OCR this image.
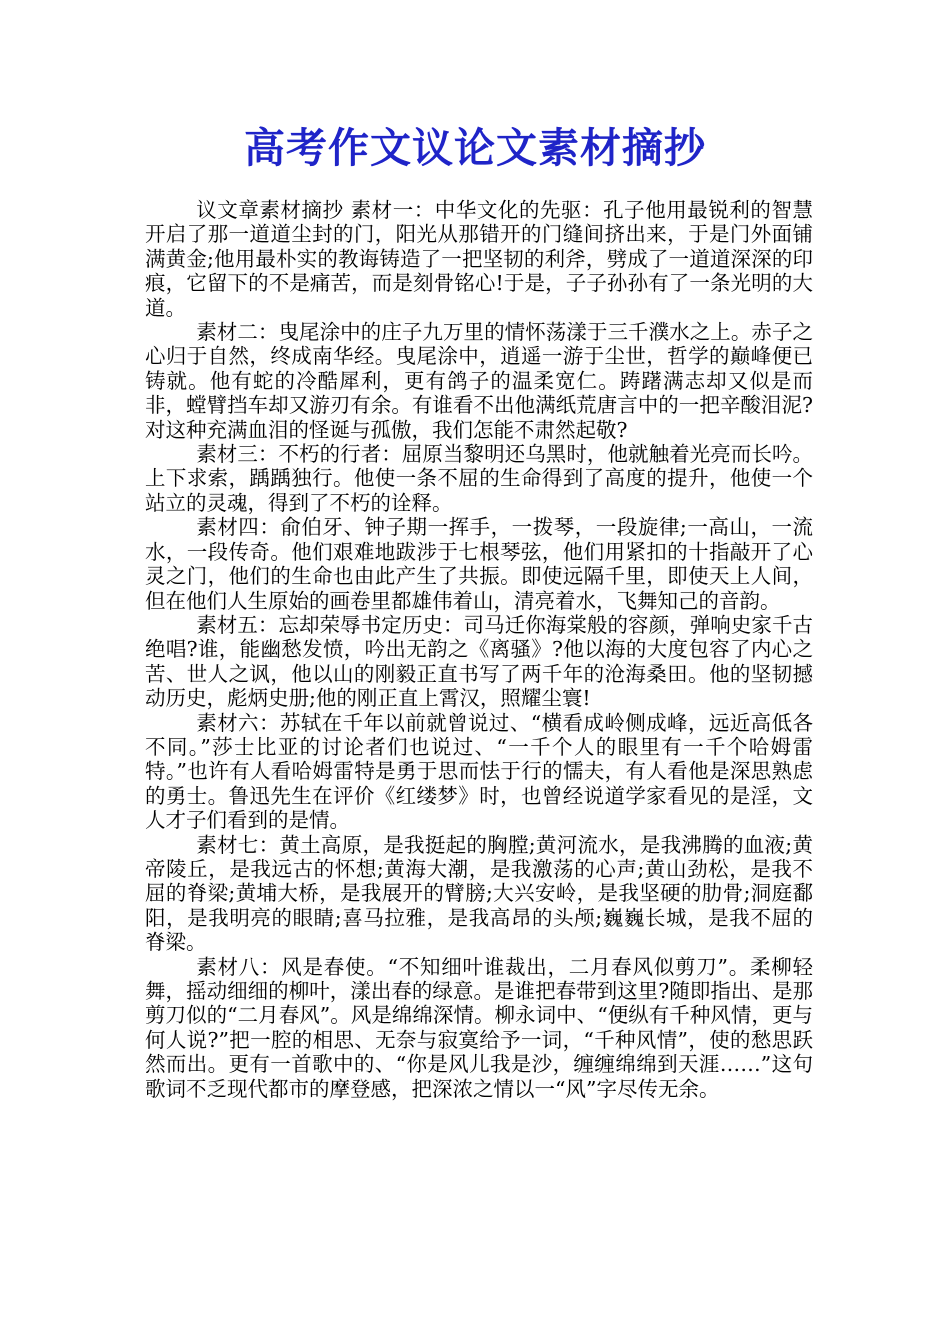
高考作文议论文素材摘抄

议文章素材摘抄 素材一：中华文化的先驱：孔子他用最锐利的智慧开启了那一道道尘封的门，阳光从那错开的门缝间挤出来，于是门外面铺满黄金;他用最朴实的教诲铸造了一把坚韧的利斧，劈成了一道道深深的印痕，它留下的不是痛苦，而是刻骨铭心!于是，子子孙孙有了一条光明的大道。

素材二：曳尾涂中的庄子九万里的情怀荡漾于三千濮水之上。赤子之心归于自然，终成南华经。曳尾涂中，逍遥一游于尘世，哲学的巅峰便已铸就。他有蛇的冷酷犀利，更有鸽子的温柔宽仁。踌躇满志却又似是而非，螳臂挡车却又游刃有余。有谁看不出他满纸荒唐言中的一把辛酸泪泥?对这种充满血泪的怪诞与孤傲，我们怎能不肃然起敬?

素材三：不朽的行者：屈原当黎明还乌黑时，他就触着光亮而长吟。上下求索，踽踽独行。他使一条不屈的生命得到了高度的提升，他使一个站立的灵魂，得到了不朽的诠释。

素材四：俞伯牙、钟子期一挥手，一拨琴，一段旋律;一高山，一流水，一段传奇。他们艰难地跋涉于七根琴弦，他们用紧扣的十指敲开了心灵之门，他们的生命也由此产生了共振。即使远隔千里，即使天上人间，但在他们人生原始的画卷里都雄伟着山，清亮着水，飞舞知己的音韵。

素材五：忘却荣辱书定历史：司马迁你海棠般的容颜，弹响史家千古绝唱?谁，能幽愁发愤，吟出无韵之《离骚》?他以海的大度包容了内心之苦、世人之讽，他以山的刚毅正直书写了两千年的沧海桑田。他的坚韧撼动历史，彪炳史册;他的刚正直上霄汉，照耀尘寰!

素材六：苏轼在千年以前就曾说过、“横看成岭侧成峰，远近高低各不同。”莎士比亚的讨论者们也说过、“一千个人的眼里有一千个哈姆雷特。”也许有人看哈姆雷特是勇于思而怯于行的懦夫，有人看他是深思熟虑的勇士。鲁迅先生在评价《红缕梦》时，也曾经说道学家看见的是淫，文人才子们看到的是情。

素材七：黄土高原，是我挺起的胸膛;黄河流水，是我沸腾的血液;黄帝陵丘，是我远古的怀想;黄海大潮，是我激荡的心声;黄山劲松，是我不屈的脊梁;黄埔大桥，是我展开的臂膀;大兴安岭，是我坚硬的肋骨;洞庭鄱阳，是我明亮的眼睛;喜马拉雅，是我高昂的头颅;巍巍长城，是我不屈的脊梁。

素材八：风是春使。“不知细叶谁裁出，二月春风似剪刀”。柔柳轻舞，摇动细细的柳叶，漾出春的绿意。是谁把春带到这里?随即指出、是那剪刀似的“二月春风”。风是绵绵深情。柳永词中、“便纵有千种风情，更与何人说?”把一腔的相思、无奈与寂寞给予一词，“千种风情”，使的愁思跃然而出。更有一首歌中的、“你是风儿我是沙，缠缠绵绵到天涯……”这句歌词不乏现代都市的摩登感，把深浓之情以一“风”字尽传无余。
